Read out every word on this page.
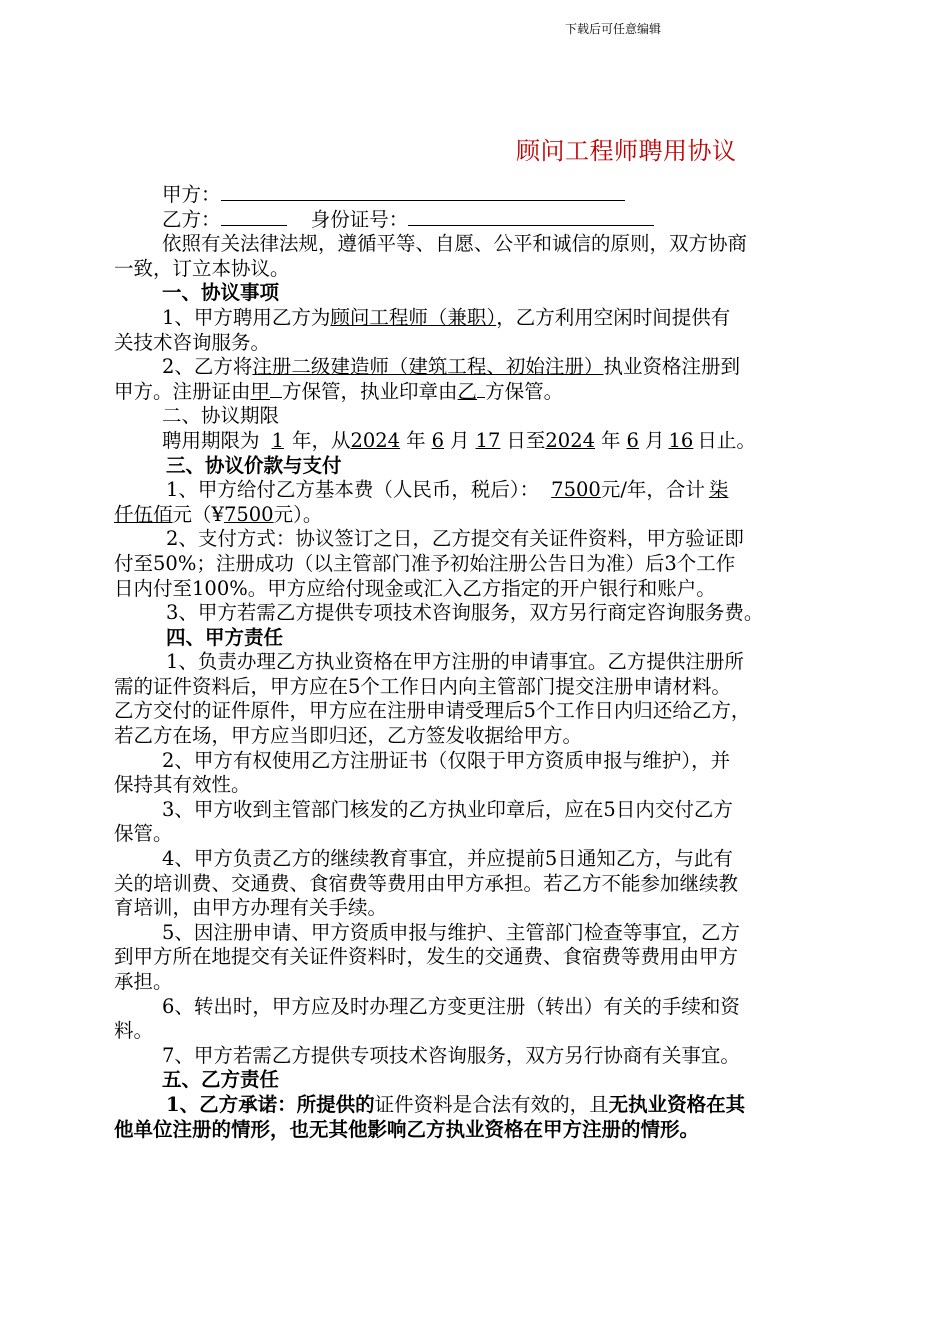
下载后可任意编辑
顾问工程师聘用协议
甲方：
乙方：	身份证号：
依照有关法律法规，遵循平等、自愿、公平和诚信的原则，双方协商
一致，订立本协议。
一、协议事项
1、甲方聘用乙方为顾问工程师（兼职），乙方利用空闲时间提供有
关技术咨询服务。
2、乙方将注册二级建造师（建筑工程、初始注册）执业资格注册到
甲方。注册证由甲 方保管，执业印章由乙 方保管。
二、协议期限
聘用期限为 1 年，从2024 年 6 月 17 日至2024 年 6 月 16 日止。
三、协议价款与支付
1、甲方给付乙方基本费（人民币，税后）： 7500元/年，合计 柒
仟伍佰元（¥7500元）。
2、支付方式：协议签订之日，乙方提交有关证件资料，甲方验证即
付至50%；注册成功（以主管部门准予初始注册公告日为准）后3个工作
日内付至100%。甲方应给付现金或汇入乙方指定的开户银行和账户。
3、甲方若需乙方提供专项技术咨询服务，双方另行商定咨询服务费。
四、甲方责任
1、负责办理乙方执业资格在甲方注册的申请事宜。乙方提供注册所
需的证件资料后，甲方应在5个工作日内向主管部门提交注册申请材料。
乙方交付的证件原件，甲方应在注册申请受理后5个工作日内归还给乙方，
若乙方在场，甲方应当即归还，乙方签发收据给甲方。
2、甲方有权使用乙方注册证书（仅限于甲方资质申报与维护），并
保持其有效性。
3、甲方收到主管部门核发的乙方执业印章后，应在5日内交付乙方
保管。
4、甲方负责乙方的继续教育事宜，并应提前5日通知乙方，与此有
关的培训费、交通费、食宿费等费用由甲方承担。若乙方不能参加继续教
育培训，由甲方办理有关手续。
5、因注册申请、甲方资质申报与维护、主管部门检查等事宜，乙方
到甲方所在地提交有关证件资料时，发生的交通费、食宿费等费用由甲方
承担。
6、转出时，甲方应及时办理乙方变更注册（转出）有关的手续和资
料。
7、甲方若需乙方提供专项技术咨询服务，双方另行协商有关事宜。
五、乙方责任
1、乙方承诺：所提供的证件资料是合法有效的，且无执业资格在其
他单位注册的情形，也无其他影响乙方执业资格在甲方注册的情形。
